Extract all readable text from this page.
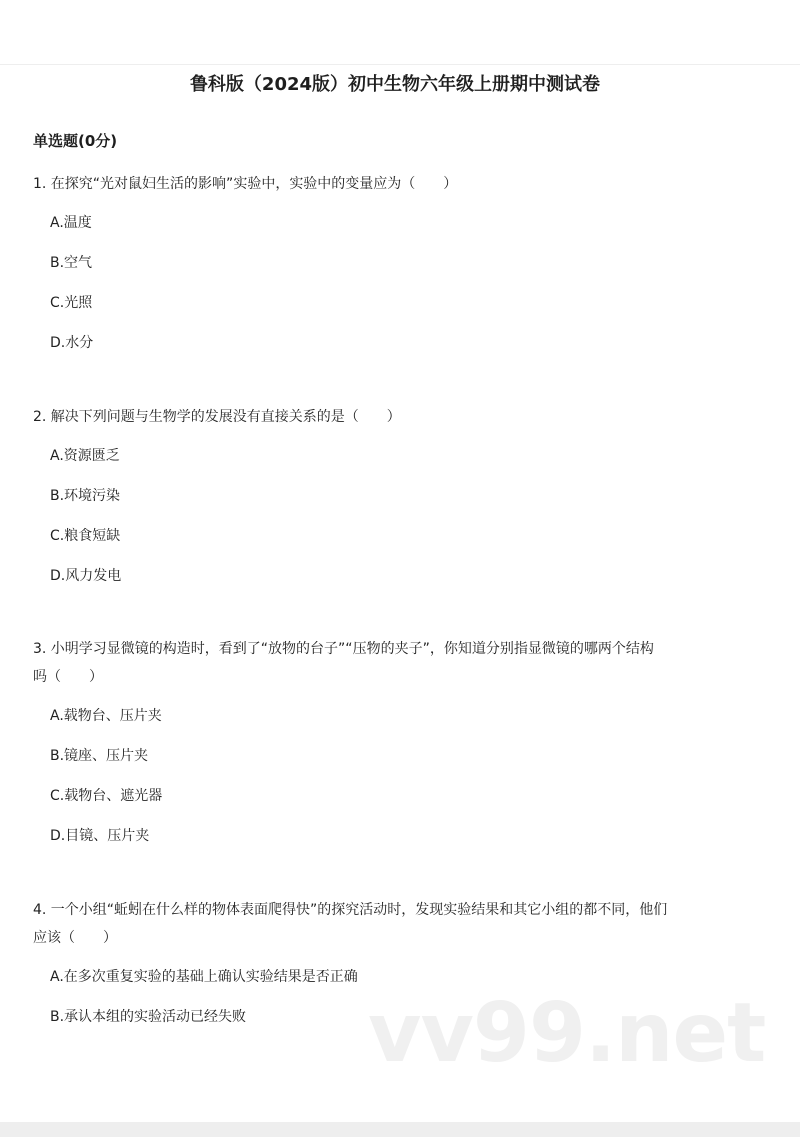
鲁科版（2024版）初中生物六年级上册期中测试卷
单选题(0分)
1. 在探究“光对鼠妇生活的影响”实验中，实验中的变量应为（　　）
A.温度
B.空气
C.光照
D.水分
2. 解决下列问题与生物学的发展没有直接关系的是（　　）
A.资源匮乏
B.环境污染
C.粮食短缺
D.风力发电
3. 小明学习显微镜的构造时，看到了“放物的台子”“压物的夹子”，你知道分别指显微镜的哪两个结构
吗（　　）
A.载物台、压片夹
B.镜座、压片夹
C.载物台、遮光器
D.目镜、压片夹
4. 一个小组“蚯蚓在什么样的物体表面爬得快”的探究活动时，发现实验结果和其它小组的都不同，他们
应该（　　）
A.在多次重复实验的基础上确认实验结果是否正确
B.承认本组的实验活动已经失败 vv99.net
